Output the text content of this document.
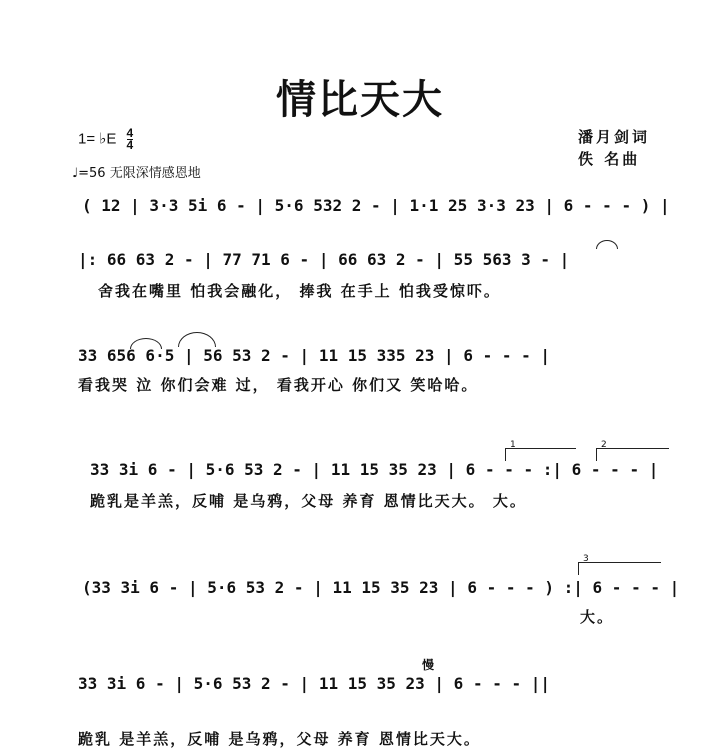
情比天大
1= ♭E $\frac{4}{4}$	潘月剑词
佚 名曲
♩=56 无限深情感恩地
( 12 | 3·3 5i 6 - | 5·6 532 2 - | 1·1 25 3·3 23 | 6 - - - ) |
|: 66 63 2 - | 77 71 6 - | 66 63 2 - | 55 563 3 - |
舍我在嘴里 怕我会融化， 捧我 在手上 怕我受惊吓。
33 656 6·5 | 56 53 2 - | 11 15 335 23 | 6 - - - |
看我哭 泣 你们会难 过， 看我开心 你们又 笑哈哈。
1	2
33 3i 6 - | 5·6 53 2 - | 11 15 35 23 | 6 - - - :| 6 - - - |
跪乳是羊羔，反哺 是乌鸦，父母 养育 恩情比天大。 大。
3
(33 3i 6 - | 5·6 53 2 - | 11 15 35 23 | 6 - - - ) :| 6 - - - |
大。
慢
33 3i 6 - | 5·6 53 2 - | 11 15 35 23 | 6 - - - ||
跪乳 是羊羔，反哺 是乌鸦，父母 养育 恩情比天大。
